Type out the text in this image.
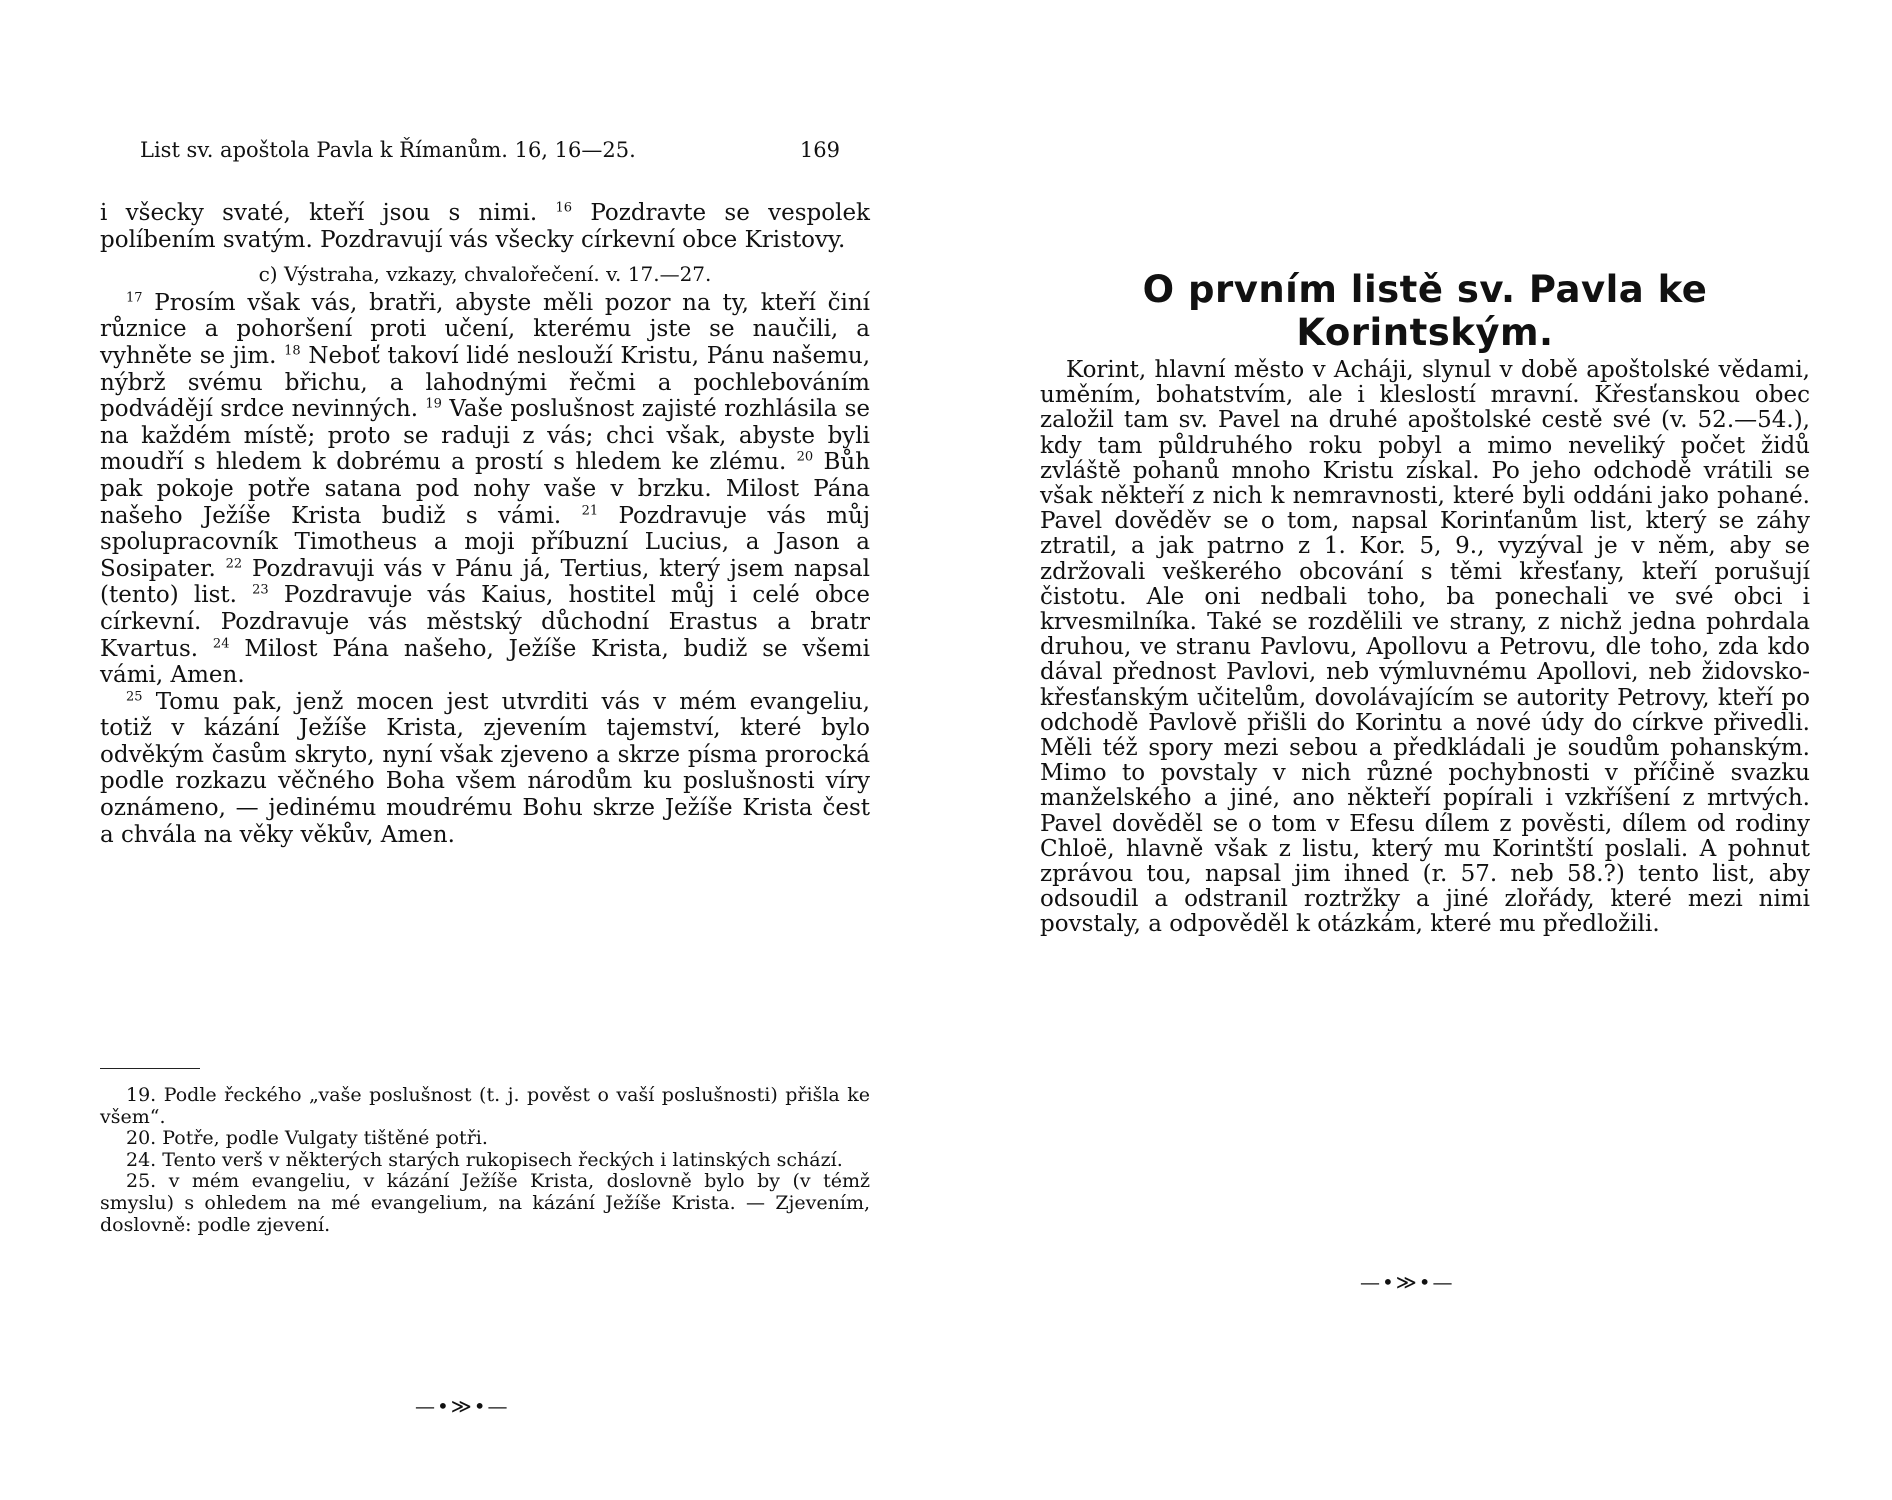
List sv. apoštola Pavla k Římanům. 16, 16—25.	169

i všecky svaté, kteří jsou s nimi. $^{16}$ Pozdravte se vespolek políbením svatým. Pozdravují vás všecky církevní obce Kristovy.

c) Výstraha, vzkazy, chvalořečení. v. 17.—27.

$^{17}$ Prosím však vás, bratři, abyste měli pozor na ty, kteří činí různice a pohoršení proti učení, kterému jste se naučili, a vyhněte se jim. $^{18}$ Neboť takoví lidé neslouží Kristu, Pánu našemu, nýbrž svému břichu, a lahodnými řečmi a pochlebováním podvádějí srdce nevinných. $^{19}$ Vaše poslušnost zajisté rozhlásila se na každém místě; proto se raduji z vás; chci však, abyste byli moudří s hledem k dobrému a prostí s hledem ke zlému. $^{20}$ Bůh pak pokoje potře satana pod nohy vaše v brzku. Milost Pána našeho Ježíše Krista budiž s vámi. $^{21}$ Pozdravuje vás můj spolupracovník Timotheus a moji příbuzní Lucius, a Jason a Sosipater. $^{22}$ Pozdravuji vás v Pánu já, Tertius, který jsem napsal (tento) list. $^{23}$ Pozdravuje vás Kaius, hostitel můj i celé obce církevní. Pozdravuje vás městský důchodní Erastus a bratr Kvartus. $^{24}$ Milost Pána našeho, Ježíše Krista, budiž se všemi vámi, Amen.

$^{25}$ Tomu pak, jenž mocen jest utvrditi vás v mém evangeliu, totiž v kázání Ježíše Krista, zjevením tajemství, které bylo odvěkým časům skryto, nyní však zjeveno a skrze písma prorocká podle rozkazu věčného Boha všem národům ku poslušnosti víry oznámeno, — jedinému moudrému Bohu skrze Ježíše Krista čest a chvála na věky věkův, Amen.

19. Podle řeckého „vaše poslušnost (t. j. pověst o vaší poslušnosti) přišla ke všem“.

20. Potře, podle Vulgaty tištěné potři.

24. Tento verš v některých starých rukopisech řeckých i latinských schází.

25. v mém evangeliu, v kázání Ježíše Krista, doslovně bylo by (v témž smyslu) s ohledem na mé evangelium, na kázání Ježíše Krista. — Zjevením, doslovně: podle zjevení.

—•≫•—
O prvním listě sv. Pavla ke Korintským.

Korint, hlavní město v Acháji, slynul v době apoštolské vědami, uměním, bohatstvím, ale i kleslostí mravní. Křesťanskou obec založil tam sv. Pavel na druhé apoštolské cestě své (v. 52.—54.), kdy tam půldruhého roku pobyl a mimo neveliký počet židů zvláště pohanů mnoho Kristu získal. Po jeho odchodě vrátili se však někteří z nich k nemravnosti, které byli oddáni jako pohané. Pavel dověděv se o tom, napsal Korinťanům list, který se záhy ztratil, a jak patrno z 1. Kor. 5, 9., vyzýval je v něm, aby se zdržovali veškerého obcování s těmi křesťany, kteří porušují čistotu. Ale oni nedbali toho, ba ponechali ve své obci i krvesmilníka. Také se rozdělili ve strany, z nichž jedna pohrdala druhou, ve stranu Pavlovu, Apollovu a Petrovu, dle toho, zda kdo dával přednost Pavlovi, neb výmluvnému Apollovi, neb židovsko-křesťanským učitelům, dovolávajícím se autority Petrovy, kteří po odchodě Pavlově přišli do Korintu a nové údy do církve přivedli. Měli též spory mezi sebou a předkládali je soudům pohanským. Mimo to povstaly v nich různé pochybnosti v příčině svazku manželského a jiné, ano někteří popírali i vzkříšení z mrtvých. Pavel dověděl se o tom v Efesu dílem z pověsti, dílem od rodiny Chloë, hlavně však z listu, který mu Korintští poslali. A pohnut zprávou tou, napsal jim ihned (r. 57. neb 58.?) tento list, aby odsoudil a odstranil roztržky a jiné zlořády, které mezi nimi povstaly, a odpověděl k otázkám, které mu předložili.

—•≫•—
